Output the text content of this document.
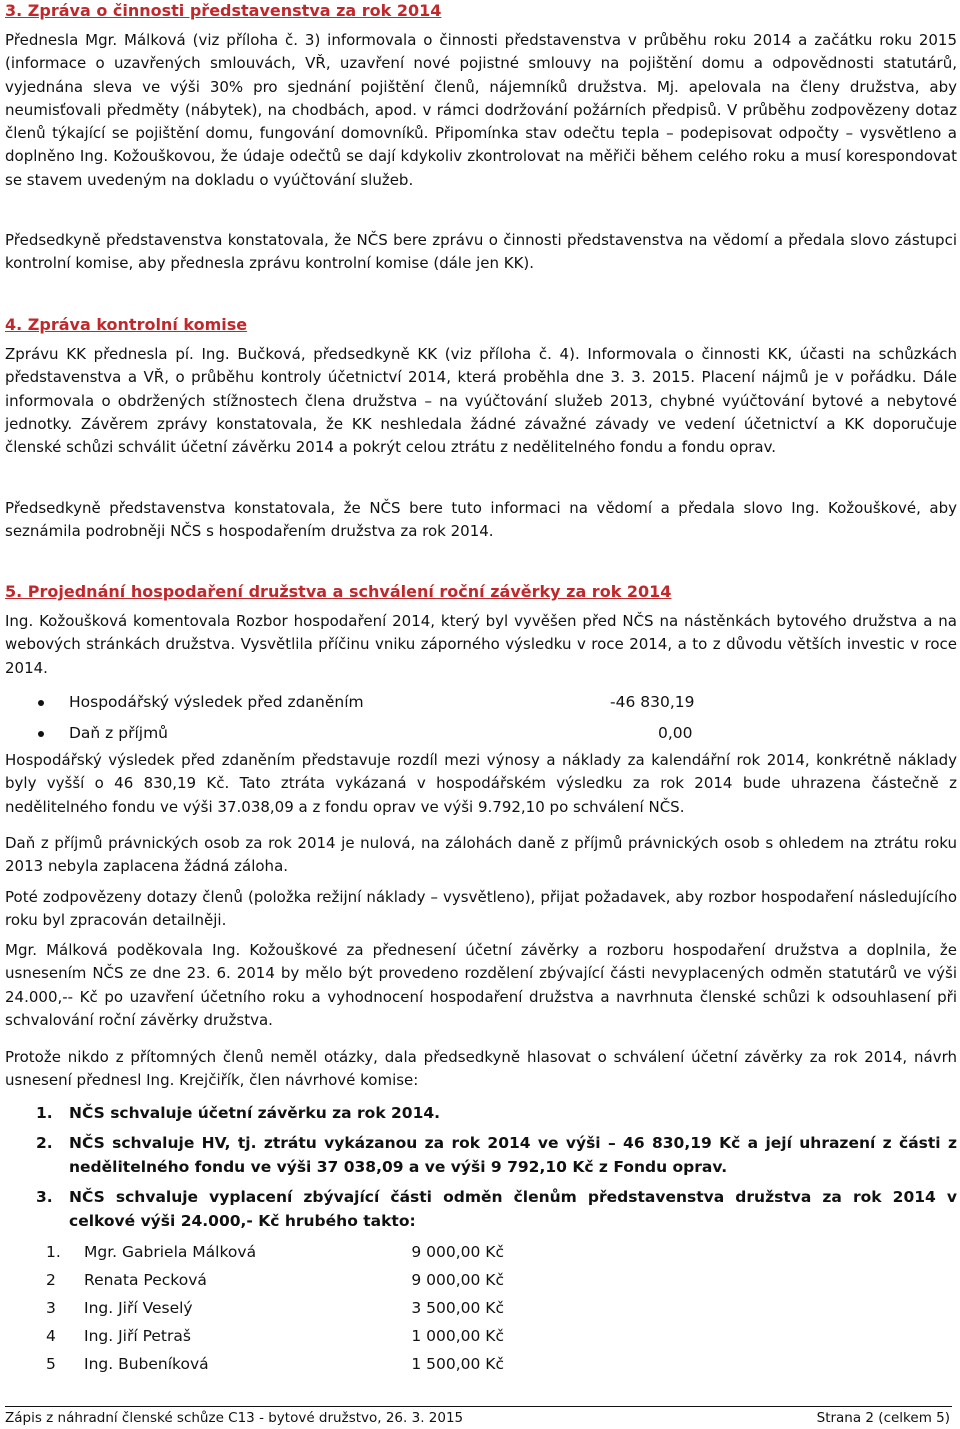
3. Zpráva o činnosti představenstva za rok 2014

Přednesla Mgr. Málková (viz příloha č. 3) informovala o činnosti představenstva v průběhu roku 2014 a začátku roku 2015 (informace o uzavřených smlouvách, VŘ, uzavření nové pojistné smlouvy na pojištění domu a odpovědnosti statutárů, vyjednána sleva ve výši 30% pro sjednání pojištění členů, nájemníků družstva. Mj. apelovala na členy družstva, aby neumisťovali předměty (nábytek), na chodbách, apod. v rámci dodržování požárních předpisů. V průběhu zodpovězeny dotaz členů týkající se pojištění domu, fungování domovníků. Připomínka stav odečtu tepla – podepisovat odpočty – vysvětleno a doplněno Ing. Kožouškovou, že údaje odečtů se dají kdykoliv zkontrolovat na měřiči během celého roku a musí korespondovat se stavem uvedeným na dokladu o vyúčtování služeb.

Předsedkyně představenstva konstatovala, že NČS bere zprávu o činnosti představenstva na vědomí a předala slovo zástupci kontrolní komise, aby přednesla zprávu kontrolní komise (dále jen KK).

4. Zpráva kontrolní komise

Zprávu KK přednesla pí. Ing. Bučková, předsedkyně KK (viz příloha č. 4). Informovala o činnosti KK, účasti na schůzkách představenstva a VŘ, o průběhu kontroly účetnictví 2014, která proběhla dne 3. 3. 2015. Placení nájmů je v pořádku. Dále informovala o obdržených stížnostech člena družstva – na vyúčtování služeb 2013, chybné vyúčtování bytové a nebytové jednotky. Závěrem zprávy konstatovala, že KK neshledala žádné závažné závady ve vedení účetnictví a KK doporučuje členské schůzi schválit účetní závěrku 2014 a pokrýt celou ztrátu z nedělitelného fondu a fondu oprav.

Předsedkyně představenstva konstatovala, že NČS bere tuto informaci na vědomí a předala slovo Ing. Kožouškové, aby seznámila podrobněji NČS s hospodařením družstva za rok 2014.

5. Projednání hospodaření družstva a schválení roční závěrky za rok 2014

Ing. Kožoušková komentovala Rozbor hospodaření 2014, který byl vyvěšen před NČS na nástěnkách bytového družstva a na webových stránkách družstva. Vysvětlila příčinu vniku záporného výsledku v roce 2014, a to z důvodu větších investic v roce 2014.

Hospodářský výsledek před zdaněním	-46 830,19
Daň z příjmů	0,00

Hospodářský výsledek před zdaněním představuje rozdíl mezi výnosy a náklady za kalendářní rok 2014, konkrétně náklady byly vyšší o 46 830,19 Kč. Tato ztráta vykázaná v hospodářském výsledku za rok 2014 bude uhrazena částečně z nedělitelného fondu ve výši 37.038,09 a z fondu oprav ve výši 9.792,10 po schválení NČS.

Daň z příjmů právnických osob za rok 2014 je nulová, na zálohách daně z příjmů právnických osob s ohledem na ztrátu roku 2013 nebyla zaplacena žádná záloha.

Poté zodpovězeny dotazy členů (položka režijní náklady – vysvětleno), přijat požadavek, aby rozbor hospodaření následujícího roku byl zpracován detailněji.

Mgr. Málková poděkovala Ing. Kožouškové za přednesení účetní závěrky a rozboru hospodaření družstva a doplnila, že usnesením NČS ze dne 23. 6. 2014 by mělo být provedeno rozdělení zbývající části nevyplacených odměn statutárů ve výši 24.000,-- Kč po uzavření účetního roku a vyhodnocení hospodaření družstva a navrhnuta členské schůzi k odsouhlasení při schvalování roční závěrky družstva.

Protože nikdo z přítomných členů neměl otázky, dala předsedkyně hlasovat o schválení účetní závěrky za rok 2014, návrh usnesení přednesl Ing. Krejčiřík, člen návrhové komise:

1. NČS schvaluje účetní závěrku za rok 2014.
2. NČS schvaluje HV, tj. ztrátu vykázanou za rok 2014 ve výši – 46 830,19 Kč a její uhrazení z části z nedělitelného fondu ve výši 37 038,09 a ve výši 9 792,10 Kč z Fondu oprav.
3. NČS schvaluje vyplacení zbývající části odměn členům představenstva družstva za rok 2014 v celkové výši 24.000,- Kč hrubého takto:
1. Mgr. Gabriela Málková	9 000,00 Kč
2 Renata Pecková	9 000,00 Kč
3 Ing. Jiří Veselý	3 500,00 Kč
4 Ing. Jiří Petraš	1 000,00 Kč
5 Ing. Bubeníková	1 500,00 Kč
Zápis z náhradní členské schůze C13 - bytové družstvo, 26. 3. 2015	Strana 2 (celkem 5)
